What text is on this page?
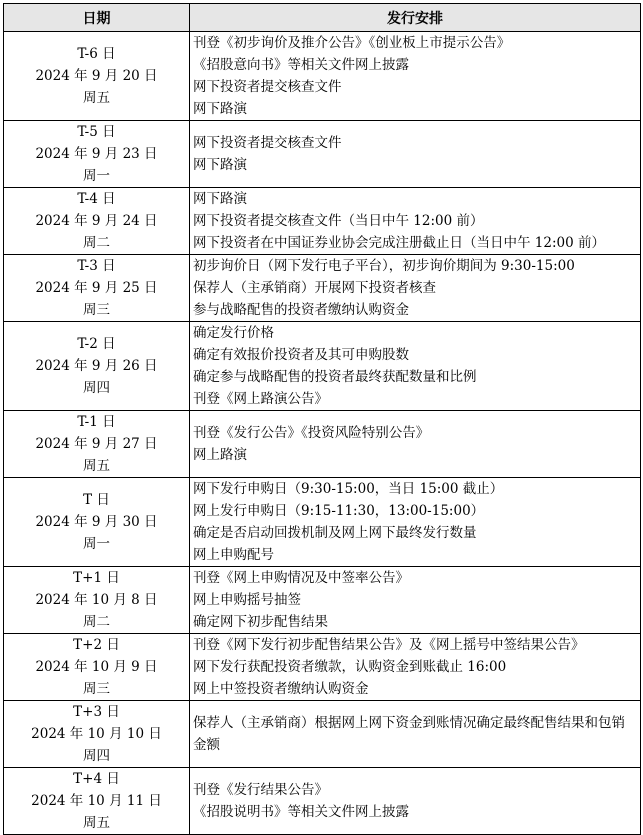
日期	发行安排

T-6 日
2024 年 9 月 20 日
周五	刊登《初步询价及推介公告》《创业板上市提示公告》
《招股意向书》等相关文件网上披露
网下投资者提交核查文件
网下路演

T-5 日
2024 年 9 月 23 日
周一	网下投资者提交核查文件
网下路演

T-4 日
2024 年 9 月 24 日
周二	网下路演
网下投资者提交核查文件（当日中午 12:00 前）
网下投资者在中国证券业协会完成注册截止日（当日中午 12:00 前）

T-3 日
2024 年 9 月 25 日
周三	初步询价日（网下发行电子平台），初步询价期间为 9:30-15:00
保荐人（主承销商）开展网下投资者核查
参与战略配售的投资者缴纳认购资金

T-2 日
2024 年 9 月 26 日
周四	确定发行价格
确定有效报价投资者及其可申购股数
确定参与战略配售的投资者最终获配数量和比例
刊登《网上路演公告》

T-1 日
2024 年 9 月 27 日
周五	刊登《发行公告》《投资风险特别公告》
网上路演

T 日
2024 年 9 月 30 日
周一	网下发行申购日（9:30-15:00，当日 15:00 截止）
网上发行申购日（9:15-11:30，13:00-15:00）
确定是否启动回拨机制及网上网下最终发行数量
网上申购配号

T+1 日
2024 年 10 月 8 日
周二	刊登《网上申购情况及中签率公告》
网上申购摇号抽签
确定网下初步配售结果

T+2 日
2024 年 10 月 9 日
周三	刊登《网下发行初步配售结果公告》及《网上摇号中签结果公告》
网下发行获配投资者缴款，认购资金到账截止 16:00
网上中签投资者缴纳认购资金

T+3 日
2024 年 10 月 10 日
周四	保荐人（主承销商）根据网上网下资金到账情况确定最终配售结果和包销金额

T+4 日
2024 年 10 月 11 日
周五	刊登《发行结果公告》
《招股说明书》等相关文件网上披露
